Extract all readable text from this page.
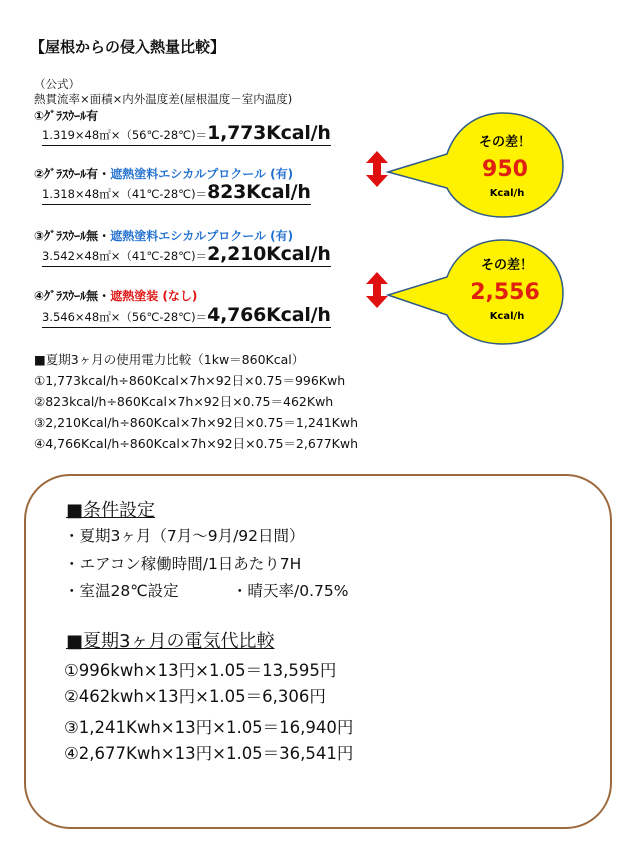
【屋根からの侵入熱量比較】
（公式）
熱貫流率×面積×内外温度差(屋根温度－室内温度)
①ｸﾞﾗｽｳｰﾙ有
1.319×48㎡×（56℃-28℃)＝1,773Kcal/h
②ｸﾞﾗｽｳｰﾙ有・遮熱塗料エシカルプロクール (有)
1.318×48㎡×（41℃-28℃)＝823Kcal/h
③ｸﾞﾗｽｳｰﾙ無・遮熱塗料エシカルプロクール (有)
3.542×48㎡×（41℃-28℃)＝2,210Kcal/h
④ｸﾞﾗｽｳｰﾙ無・遮熱塗装 (なし)
3.546×48㎡×（56℃-28℃)＝4,766Kcal/h
その差！
950
Kcal/h
その差！
2,556
Kcal/h
■夏期3ヶ月の使用電力比較（1kw＝860Kcal）
①1,773kcal/h÷860Kcal×7h×92日×0.75＝996Kwh
②823kcal/h÷860Kcal×7h×92日×0.75＝462Kwh
③2,210Kcal/h÷860Kcal×7h×92日×0.75＝1,241Kwh
④4,766Kcal/h÷860Kcal×7h×92日×0.75＝2,677Kwh
■条件設定
・夏期3ヶ月（7月～9月/92日間）
・エアコン稼働時間/1日あたり7H
・室温28℃設定	・晴天率/0.75%
■夏期3ヶ月の電気代比較
①996kwh×13円×1.05＝13,595円
②462kwh×13円×1.05＝6,306円
③1,241Kwh×13円×1.05＝16,940円
④2,677Kwh×13円×1.05＝36,541円
